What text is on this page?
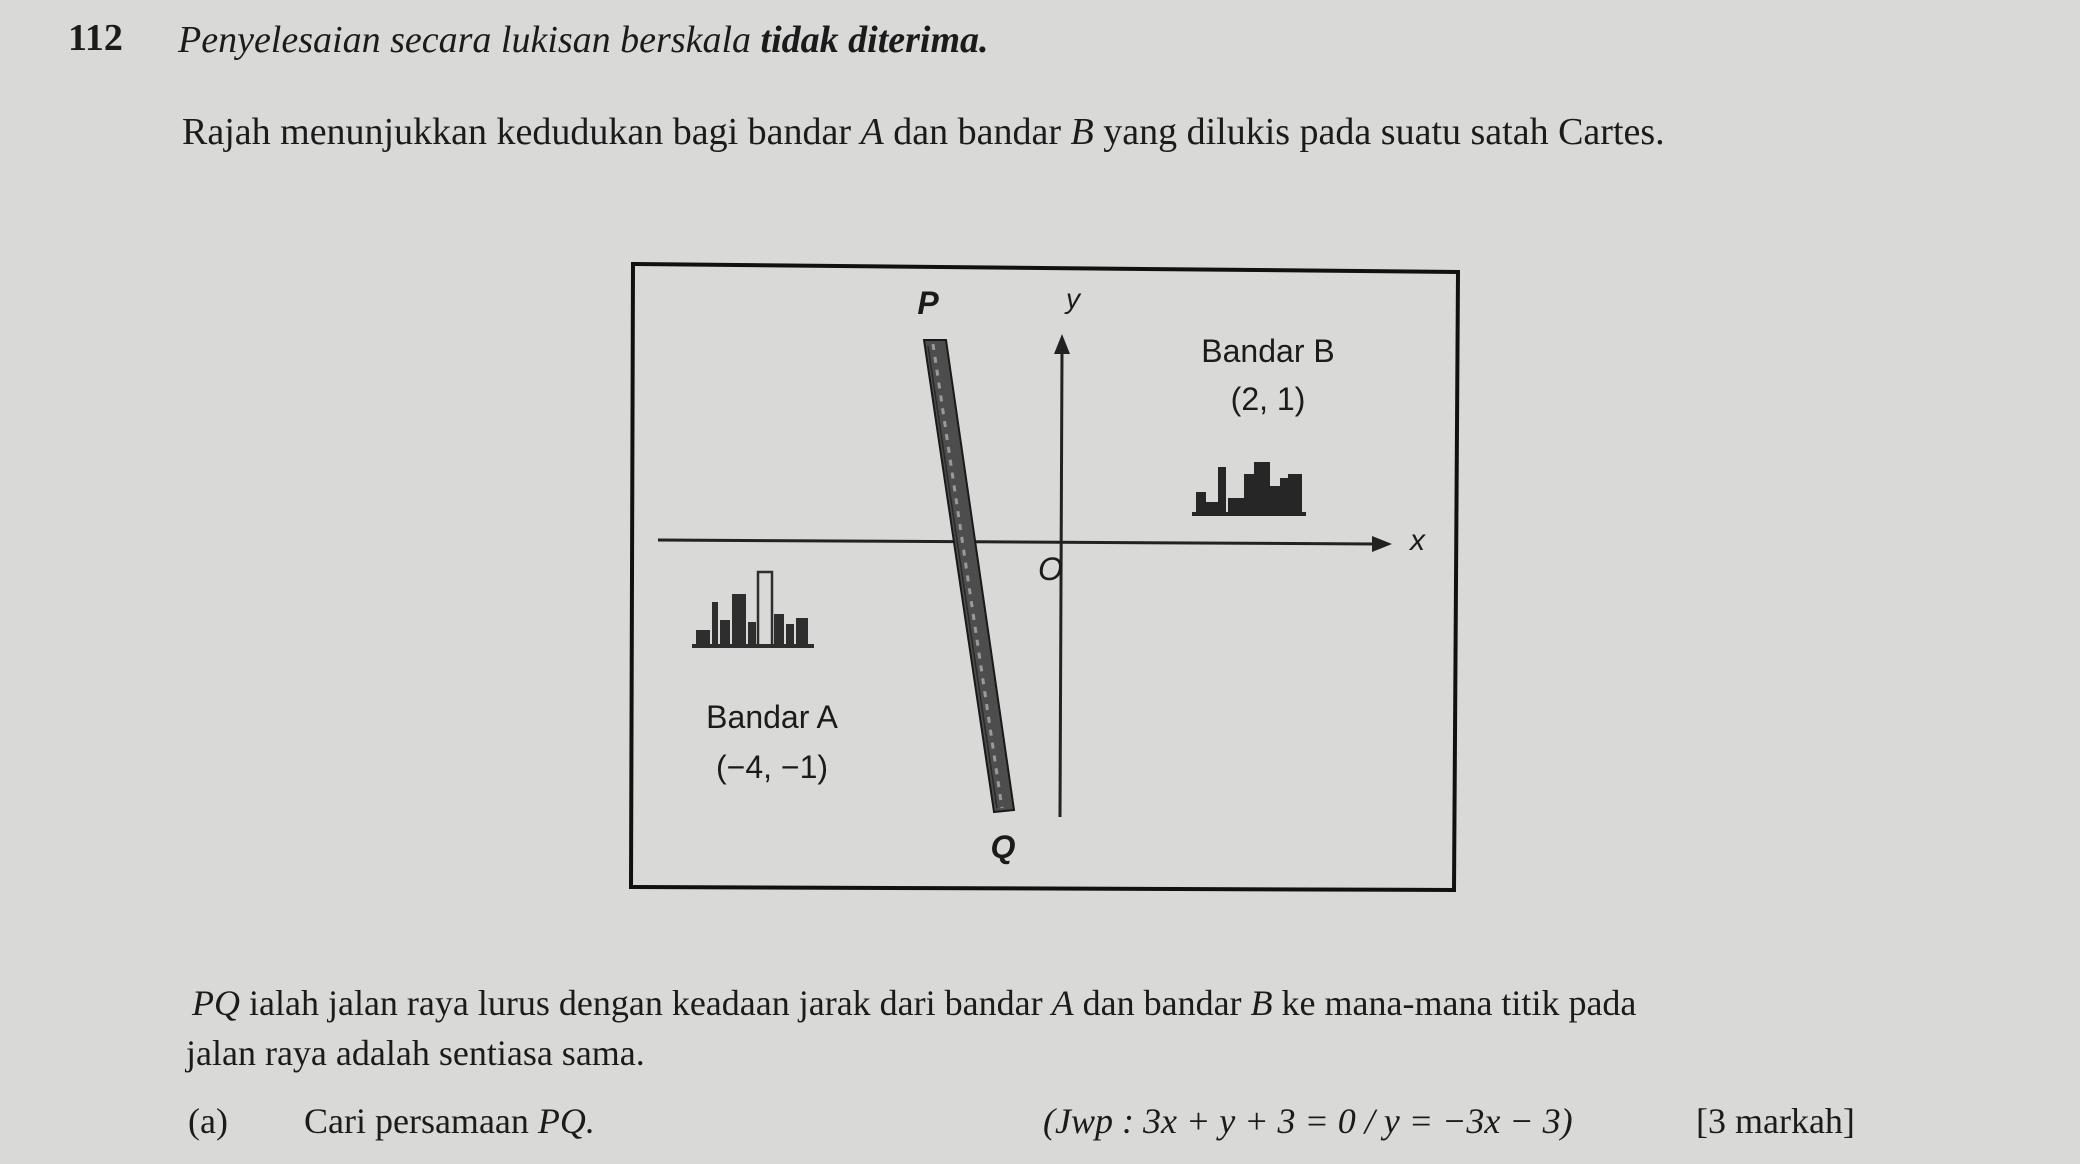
112 Penyelesaian secara lukisan berskala tidak diterima.
Rajah menunjukkan kedudukan bagi bandar A dan bandar B yang dilukis pada suatu satah Cartes.
P	y
x
O
Q
Bandar B
(2, 1)
Bandar A
(−4, −1)
PQ ialah jalan raya lurus dengan keadaan jarak dari bandar A dan bandar B ke mana-mana titik pada
jalan raya adalah sentiasa sama.
(a) Cari persamaan PQ.	(Jwp : 3x + y + 3 = 0 / y = −3x − 3)	[3 markah]
